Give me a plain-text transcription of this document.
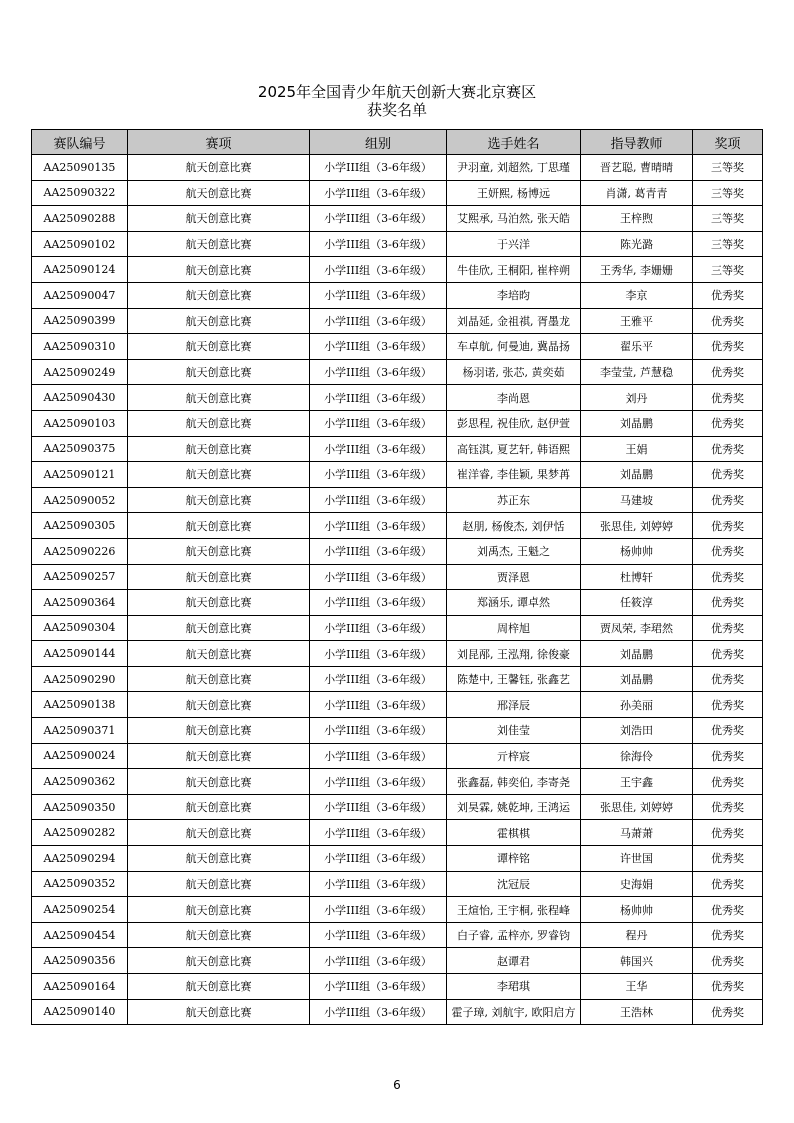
2025年全国青少年航天创新大赛北京赛区
获奖名单
赛队编号	赛项	组别	选手姓名	指导教师	奖项
AA25090135	航天创意比赛	小学III组（3-6年级）	尹羽童, 刘超然, 丁思瑾	晋艺聪, 曹晴晴	三等奖
AA25090322	航天创意比赛	小学III组（3-6年级）	王妍熙, 杨博远	肖潇, 葛青青	三等奖
AA25090288	航天创意比赛	小学III组（3-6年级）	艾熙承, 马泊然, 张天皓	王梓煦	三等奖
AA25090102	航天创意比赛	小学III组（3-6年级）	于兴洋	陈光潞	三等奖
AA25090124	航天创意比赛	小学III组（3-6年级）	牛佳欣, 王桐阳, 崔梓朔	王秀华, 李姗姗	三等奖
AA25090047	航天创意比赛	小学III组（3-6年级）	李培昀	李京	优秀奖
AA25090399	航天创意比赛	小学III组（3-6年级）	刘晶延, 金祖祺, 胥墨龙	王雅平	优秀奖
AA25090310	航天创意比赛	小学III组（3-6年级）	车卓航, 何曼迪, 冀晶扬	翟乐平	优秀奖
AA25090249	航天创意比赛	小学III组（3-6年级）	杨羽诺, 张芯, 黄奕茹	李莹莹, 芦慧稳	优秀奖
AA25090430	航天创意比赛	小学III组（3-6年级）	李尚恩	刘丹	优秀奖
AA25090103	航天创意比赛	小学III组（3-6年级）	彭思程, 祝佳欣, 赵伊萱	刘晶鹏	优秀奖
AA25090375	航天创意比赛	小学III组（3-6年级）	高钰淇, 夏艺轩, 韩语熙	王娟	优秀奖
AA25090121	航天创意比赛	小学III组（3-6年级）	崔洋睿, 李佳颖, 果梦苒	刘晶鹏	优秀奖
AA25090052	航天创意比赛	小学III组（3-6年级）	苏正东	马建坡	优秀奖
AA25090305	航天创意比赛	小学III组（3-6年级）	赵朋, 杨俊杰, 刘伊恬	张思佳, 刘婷婷	优秀奖
AA25090226	航天创意比赛	小学III组（3-6年级）	刘禹杰, 王魁之	杨帅帅	优秀奖
AA25090257	航天创意比赛	小学III组（3-6年级）	贾泽恩	杜博轩	优秀奖
AA25090364	航天创意比赛	小学III组（3-6年级）	郑涵乐, 谭卓然	任筱淳	优秀奖
AA25090304	航天创意比赛	小学III组（3-6年级）	周梓旭	贾凤荣, 李珺然	优秀奖
AA25090144	航天创意比赛	小学III组（3-6年级）	刘昆邴, 王泓翔, 徐俊豪	刘晶鹏	优秀奖
AA25090290	航天创意比赛	小学III组（3-6年级）	陈楚中, 王馨钰, 张鑫艺	刘晶鹏	优秀奖
AA25090138	航天创意比赛	小学III组（3-6年级）	邢泽辰	孙美丽	优秀奖
AA25090371	航天创意比赛	小学III组（3-6年级）	刘佳莹	刘浩田	优秀奖
AA25090024	航天创意比赛	小学III组（3-6年级）	亓梓宸	徐海伶	优秀奖
AA25090362	航天创意比赛	小学III组（3-6年级）	张鑫磊, 韩奕伯, 李寄尧	王宇鑫	优秀奖
AA25090350	航天创意比赛	小学III组（3-6年级）	刘昊霖, 姚乾坤, 王鸿运	张思佳, 刘婷婷	优秀奖
AA25090282	航天创意比赛	小学III组（3-6年级）	霍棋棋	马萧萧	优秀奖
AA25090294	航天创意比赛	小学III组（3-6年级）	谭梓铭	许世国	优秀奖
AA25090352	航天创意比赛	小学III组（3-6年级）	沈冠辰	史海娟	优秀奖
AA25090254	航天创意比赛	小学III组（3-6年级）	王煊怡, 王宇桐, 张程峰	杨帅帅	优秀奖
AA25090454	航天创意比赛	小学III组（3-6年级）	白子睿, 孟梓亦, 罗睿钧	程丹	优秀奖
AA25090356	航天创意比赛	小学III组（3-6年级）	赵谭君	韩国兴	优秀奖
AA25090164	航天创意比赛	小学III组（3-6年级）	李珺琪	王华	优秀奖
AA25090140	航天创意比赛	小学III组（3-6年级）	霍子璋, 刘航宇, 欧阳启方	王浩林	优秀奖
6
